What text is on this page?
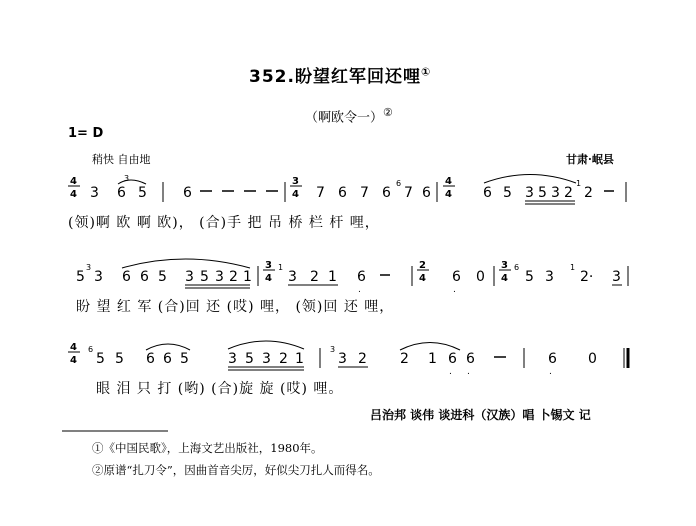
352.盼望红军回还哩①
（啊欧令一）②
1= D
稍快 自由地	甘肃·岷县
4
4 3 6 5
3
6
3
4 7 6 7 6
6
7 6
4
4 6 5 3 5 3 2
1
2
3
5 3 6 6 5 3 5 3 2 1
3
4
1
3 2 1 6
.
2
4 6
.
0
3
4
6
5 3
1
2· 3
4
4
6
5 5 6 6 5	3 5 3 2 1
3
3 2 2 1 6
.
6
.
6
.
0
(领)啊 欧 啊 欧)， (合)手 把 吊 桥 栏 杆 哩，
盼 望 红 军 (合)回 还 (哎) 哩， (领)回 还 哩，
眼 泪 只 打 (哟) (合)旋 旋 (哎) 哩。
吕治邦 谈伟 谈进科（汉族）唱 卜锡文 记
①《中国民歌》，上海文艺出版社，1980年。
②原谱“扎刀令”，因曲首音尖厉，好似尖刀扎人而得名。
